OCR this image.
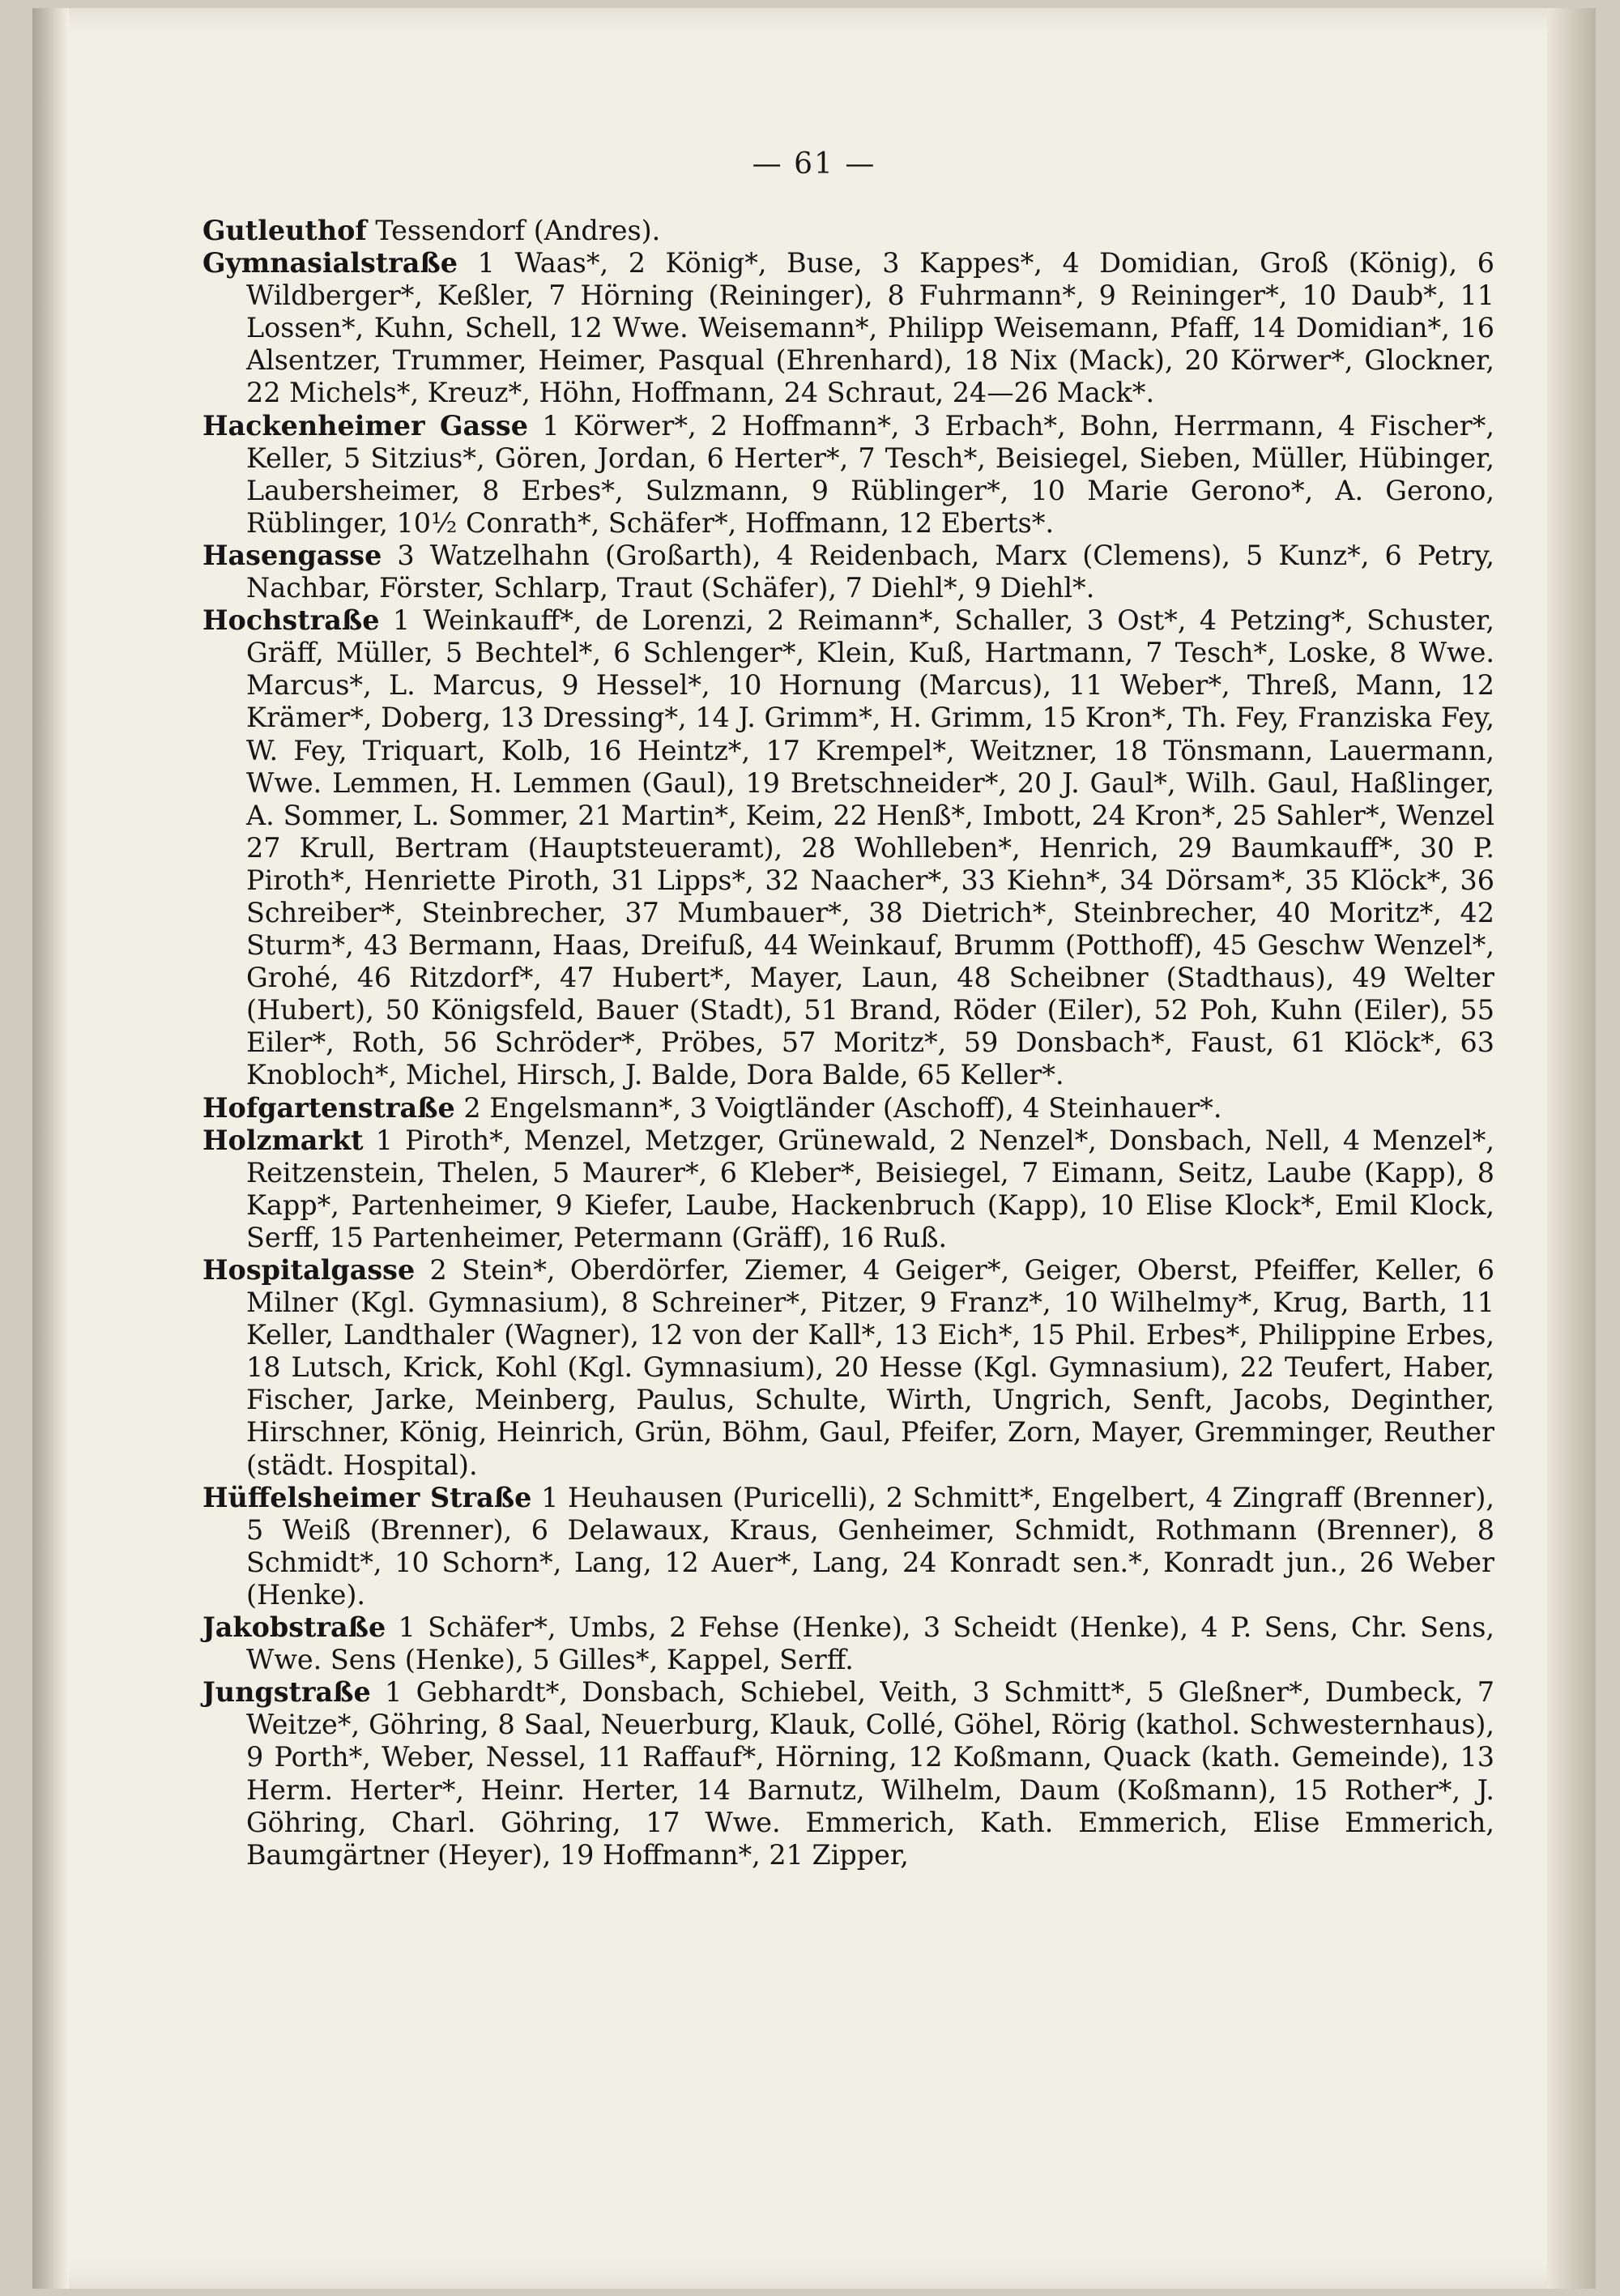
— 61 —

Gutleuthof Tessendorf (Andres).

Gymnasialstraße 1 Waas*, 2 König*, Buse, 3 Kappes*, 4 Domidian, Groß (König), 6 Wildberger*, Keßler, 7 Hörning (Reininger), 8 Fuhrmann*, 9 Reininger*, 10 Daub*, 11 Lossen*, Kuhn, Schell, 12 Wwe. Weisemann*, Philipp Weisemann, Pfaff, 14 Domidian*, 16 Alsentzer, Trummer, Heimer, Pasqual (Ehrenhard), 18 Nix (Mack), 20 Körwer*, Glockner, 22 Michels*, Kreuz*, Höhn, Hoffmann, 24 Schraut, 24—26 Mack*.

Hackenheimer Gasse 1 Körwer*, 2 Hoffmann*, 3 Erbach*, Bohn, Herrmann, 4 Fischer*, Keller, 5 Sitzius*, Gören, Jordan, 6 Herter*, 7 Tesch*, Beisiegel, Sieben, Müller, Hübinger, Laubersheimer, 8 Erbes*, Sulzmann, 9 Rüblinger*, 10 Marie Gerono*, A. Gerono, Rüblinger, 10½ Conrath*, Schäfer*, Hoffmann, 12 Eberts*.

Hasengasse 3 Watzelhahn (Großarth), 4 Reidenbach, Marx (Clemens), 5 Kunz*, 6 Petry, Nachbar, Förster, Schlarp, Traut (Schäfer), 7 Diehl*, 9 Diehl*.

Hochstraße 1 Weinkauff*, de Lorenzi, 2 Reimann*, Schaller, 3 Ost*, 4 Petzing*, Schuster, Gräff, Müller, 5 Bechtel*, 6 Schlenger*, Klein, Kuß, Hartmann, 7 Tesch*, Loske, 8 Wwe. Marcus*, L. Marcus, 9 Hessel*, 10 Hornung (Marcus), 11 Weber*, Threß, Mann, 12 Krämer*, Doberg, 13 Dressing*, 14 J. Grimm*, H. Grimm, 15 Kron*, Th. Fey, Franziska Fey, W. Fey, Triquart, Kolb, 16 Heintz*, 17 Krempel*, Weitzner, 18 Tönsmann, Lauermann, Wwe. Lemmen, H. Lemmen (Gaul), 19 Bretschneider*, 20 J. Gaul*, Wilh. Gaul, Haßlinger, A. Sommer, L. Sommer, 21 Martin*, Keim, 22 Henß*, Imbott, 24 Kron*, 25 Sahler*, Wenzel 27 Krull, Bertram (Hauptsteueramt), 28 Wohlleben*, Henrich, 29 Baumkauff*, 30 P. Piroth*, Henriette Piroth, 31 Lipps*, 32 Naacher*, 33 Kiehn*, 34 Dörsam*, 35 Klöck*, 36 Schreiber*, Steinbrecher, 37 Mumbauer*, 38 Dietrich*, Steinbrecher, 40 Moritz*, 42 Sturm*, 43 Bermann, Haas, Dreifuß, 44 Weinkauf, Brumm (Potthoff), 45 Geschw Wenzel*, Grohé, 46 Ritzdorf*, 47 Hubert*, Mayer, Laun, 48 Scheibner (Stadthaus), 49 Welter (Hubert), 50 Königsfeld, Bauer (Stadt), 51 Brand, Röder (Eiler), 52 Poh, Kuhn (Eiler), 55 Eiler*, Roth, 56 Schröder*, Pröbes, 57 Moritz*, 59 Donsbach*, Faust, 61 Klöck*, 63 Knobloch*, Michel, Hirsch, J. Balde, Dora Balde, 65 Keller*.

Hofgartenstraße 2 Engelsmann*, 3 Voigtländer (Aschoff), 4 Steinhauer*.

Holzmarkt 1 Piroth*, Menzel, Metzger, Grünewald, 2 Nenzel*, Donsbach, Nell, 4 Menzel*, Reitzenstein, Thelen, 5 Maurer*, 6 Kleber*, Beisiegel, 7 Eimann, Seitz, Laube (Kapp), 8 Kapp*, Partenheimer, 9 Kiefer, Laube, Hackenbruch (Kapp), 10 Elise Klock*, Emil Klock, Serff, 15 Partenheimer, Petermann (Gräff), 16 Ruß.

Hospitalgasse 2 Stein*, Oberdörfer, Ziemer, 4 Geiger*, Geiger, Oberst, Pfeiffer, Keller, 6 Milner (Kgl. Gymnasium), 8 Schreiner*, Pitzer, 9 Franz*, 10 Wilhelmy*, Krug, Barth, 11 Keller, Landthaler (Wagner), 12 von der Kall*, 13 Eich*, 15 Phil. Erbes*, Philippine Erbes, 18 Lutsch, Krick, Kohl (Kgl. Gymnasium), 20 Hesse (Kgl. Gymnasium), 22 Teufert, Haber, Fischer, Jarke, Meinberg, Paulus, Schulte, Wirth, Ungrich, Senft, Jacobs, Deginther, Hirschner, König, Heinrich, Grün, Böhm, Gaul, Pfeifer, Zorn, Mayer, Gremminger, Reuther (städt. Hospital).

Hüffelsheimer Straße 1 Heuhausen (Puricelli), 2 Schmitt*, Engelbert, 4 Zingraff (Brenner), 5 Weiß (Brenner), 6 Delawaux, Kraus, Genheimer, Schmidt, Rothmann (Brenner), 8 Schmidt*, 10 Schorn*, Lang, 12 Auer*, Lang, 24 Konradt sen.*, Konradt jun., 26 Weber (Henke).

Jakobstraße 1 Schäfer*, Umbs, 2 Fehse (Henke), 3 Scheidt (Henke), 4 P. Sens, Chr. Sens, Wwe. Sens (Henke), 5 Gilles*, Kappel, Serff.

Jungstraße 1 Gebhardt*, Donsbach, Schiebel, Veith, 3 Schmitt*, 5 Gleßner*, Dumbeck, 7 Weitze*, Göhring, 8 Saal, Neuerburg, Klauk, Collé, Göhel, Rörig (kathol. Schwesternhaus), 9 Porth*, Weber, Nessel, 11 Raffauf*, Hörning, 12 Koßmann, Quack (kath. Gemeinde), 13 Herm. Herter*, Heinr. Herter, 14 Barnutz, Wilhelm, Daum (Koßmann), 15 Rother*, J. Göhring, Charl. Göhring, 17 Wwe. Emmerich, Kath. Emmerich, Elise Emmerich, Baumgärtner (Heyer), 19 Hoffmann*, 21 Zipper,
